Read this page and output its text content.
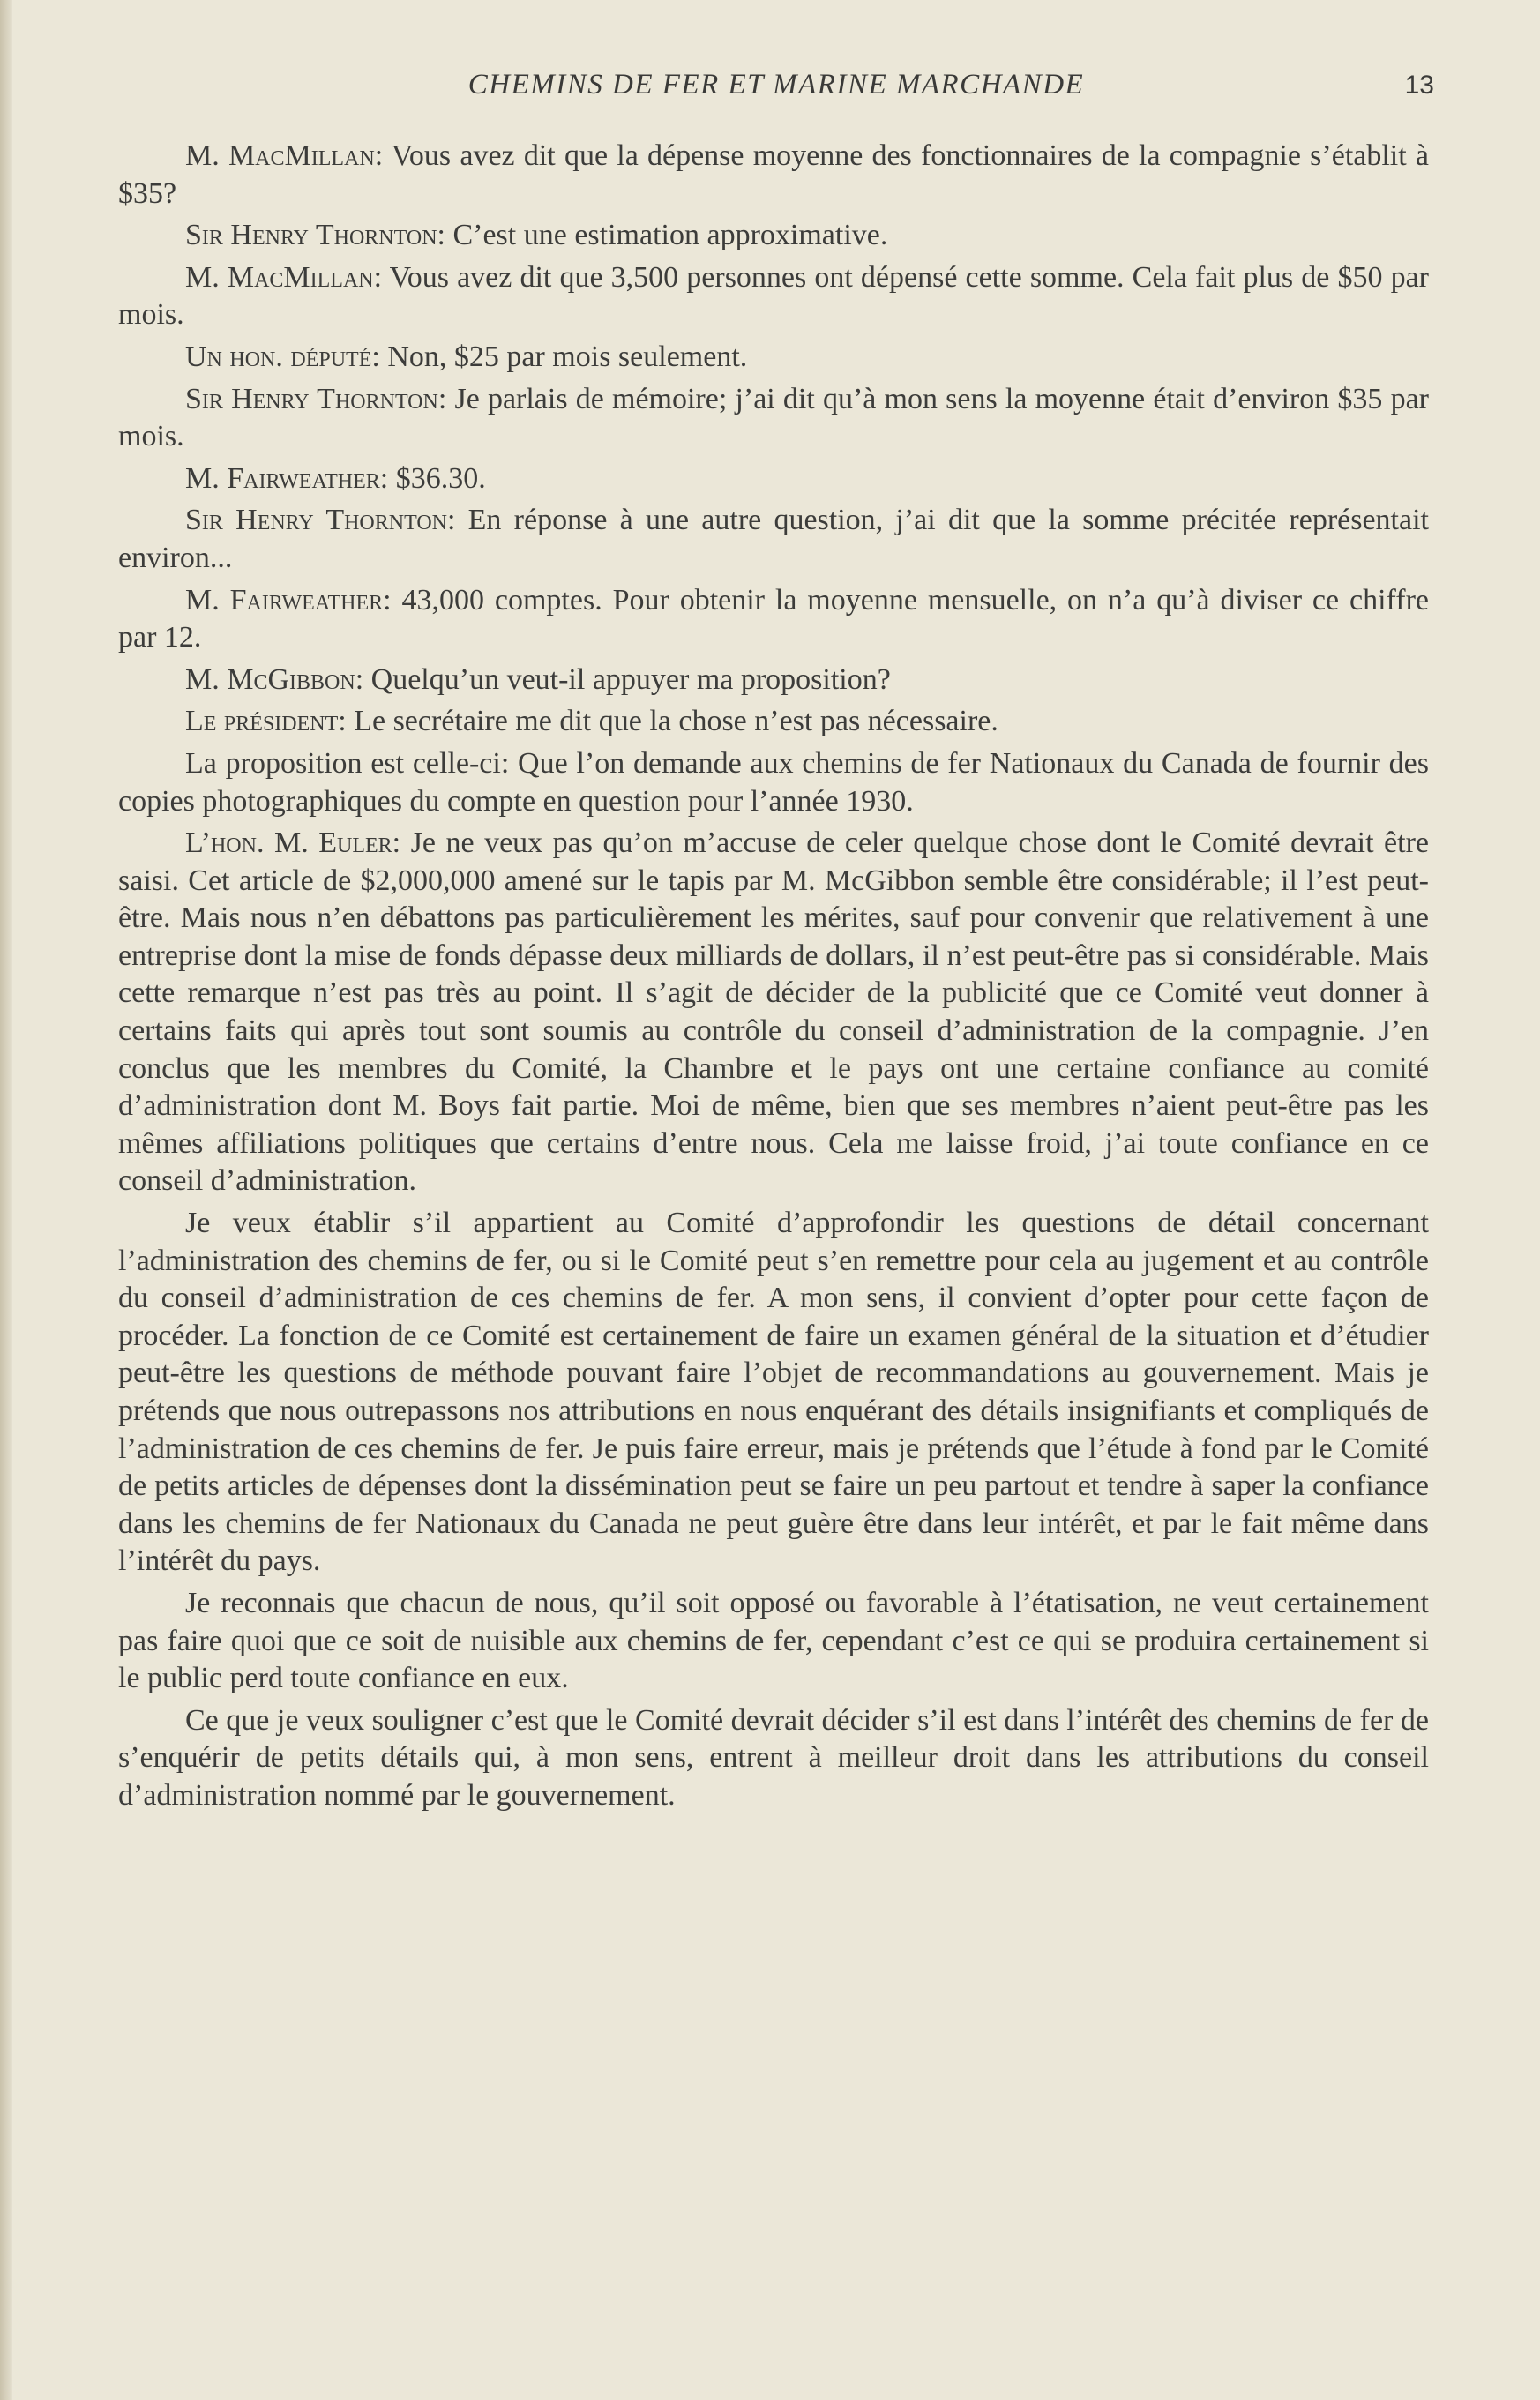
CHEMINS DE FER ET MARINE MARCHANDE	13

M. MacMillan: Vous avez dit que la dépense moyenne des fonctionnaires de la compagnie s’établit à $35?

Sir Henry Thornton: C’est une estimation approximative.

M. MacMillan: Vous avez dit que 3,500 personnes ont dépensé cette somme. Cela fait plus de $50 par mois.

Un hon. député: Non, $25 par mois seulement.

Sir Henry Thornton: Je parlais de mémoire; j’ai dit qu’à mon sens la moyenne était d’environ $35 par mois.

M. Fairweather: $36.30.

Sir Henry Thornton: En réponse à une autre question, j’ai dit que la somme précitée représentait environ...

M. Fairweather: 43,000 comptes. Pour obtenir la moyenne mensuelle, on n’a qu’à diviser ce chiffre par 12.

M. McGibbon: Quelqu’un veut-il appuyer ma proposition?

Le président: Le secrétaire me dit que la chose n’est pas nécessaire.

La proposition est celle-ci: Que l’on demande aux chemins de fer Nationaux du Canada de fournir des copies photographiques du compte en question pour l’année 1930.

L’hon. M. Euler: Je ne veux pas qu’on m’accuse de celer quelque chose dont le Comité devrait être saisi. Cet article de $2,000,000 amené sur le tapis par M. McGibbon semble être considérable; il l’est peut-être. Mais nous n’en débattons pas particulièrement les mérites, sauf pour convenir que relativement à une entreprise dont la mise de fonds dépasse deux milliards de dollars, il n’est peut-être pas si considérable. Mais cette remarque n’est pas très au point. Il s’agit de décider de la publicité que ce Comité veut donner à certains faits qui après tout sont soumis au contrôle du conseil d’administration de la compagnie. J’en conclus que les membres du Comité, la Chambre et le pays ont une certaine confiance au comité d’administration dont M. Boys fait partie. Moi de même, bien que ses membres n’aient peut-être pas les mêmes affiliations politiques que certains d’entre nous. Cela me laisse froid, j’ai toute confiance en ce conseil d’administration.

Je veux établir s’il appartient au Comité d’approfondir les questions de détail concernant l’administration des chemins de fer, ou si le Comité peut s’en remettre pour cela au jugement et au contrôle du conseil d’administration de ces chemins de fer. A mon sens, il convient d’opter pour cette façon de procéder. La fonction de ce Comité est certainement de faire un examen général de la situation et d’étudier peut-être les questions de méthode pouvant faire l’objet de recommandations au gouvernement. Mais je prétends que nous outrepassons nos attributions en nous enquérant des détails insignifiants et compliqués de l’administration de ces chemins de fer. Je puis faire erreur, mais je prétends que l’étude à fond par le Comité de petits articles de dépenses dont la dissémination peut se faire un peu partout et tendre à saper la confiance dans les chemins de fer Nationaux du Canada ne peut guère être dans leur intérêt, et par le fait même dans l’intérêt du pays.

Je reconnais que chacun de nous, qu’il soit opposé ou favorable à l’étatisation, ne veut certainement pas faire quoi que ce soit de nuisible aux chemins de fer, cependant c’est ce qui se produira certainement si le public perd toute confiance en eux.

Ce que je veux souligner c’est que le Comité devrait décider s’il est dans l’intérêt des chemins de fer de s’enquérir de petits détails qui, à mon sens, entrent à meilleur droit dans les attributions du conseil d’administration nommé par le gouvernement.
